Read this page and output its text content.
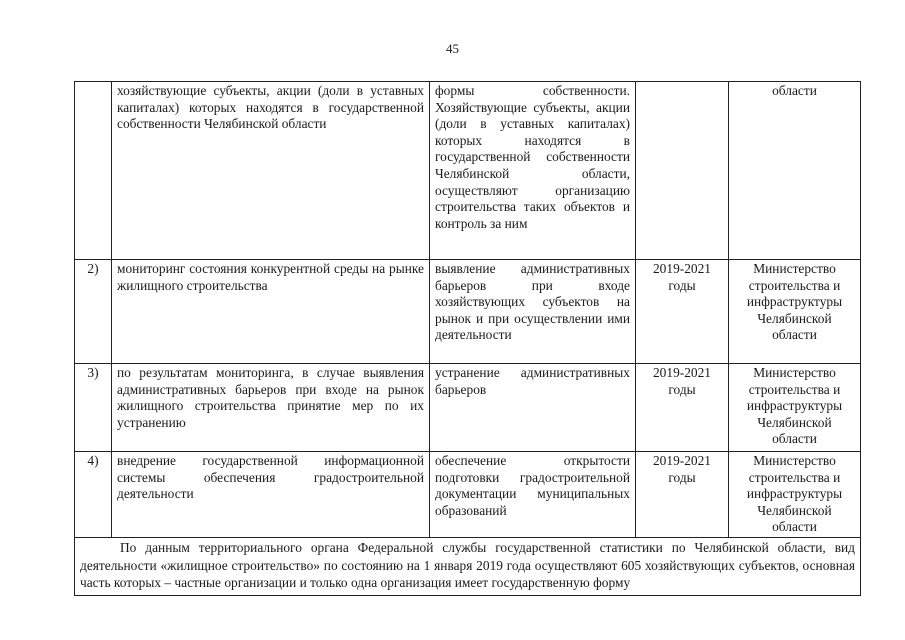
45
	хозяйствующие субъекты, акции (доли в уставных капиталах) которых находятся в государственной собственности Челябинской области	формы собственности. Хозяйствующие субъекты, акции (доли в уставных капиталах) которых находятся в государственной собственности Челябинской области, осуществляют организацию строительства таких объектов и контроль за ним		области
2)	мониторинг состояния конкурентной среды на рынке жилищного строительства	выявление административных барьеров при входе хозяйствующих субъектов на рынок и при осуществлении ими деятельности	2019-2021 годы	Министерство строительства и инфраструктуры Челябинской области
3)	по результатам мониторинга, в случае выявления административных барьеров при входе на рынок жилищного строительства принятие мер по их устранению	устранение административных барьеров	2019-2021 годы	Министерство строительства и инфраструктуры Челябинской области
4)	внедрение государственной информационной системы обеспечения градостроительной деятельности	обеспечение открытости подготовки градостроительной документации муниципальных образований	2019-2021 годы	Министерство строительства и инфраструктуры Челябинской области
По данным территориального органа Федеральной службы государственной статистики по Челябинской области, вид деятельности «жилищное строительство» по состоянию на 1 января 2019 года осуществляют 605 хозяйствующих субъектов, основная часть которых – частные организации и только одна организация имеет государственную форму				
